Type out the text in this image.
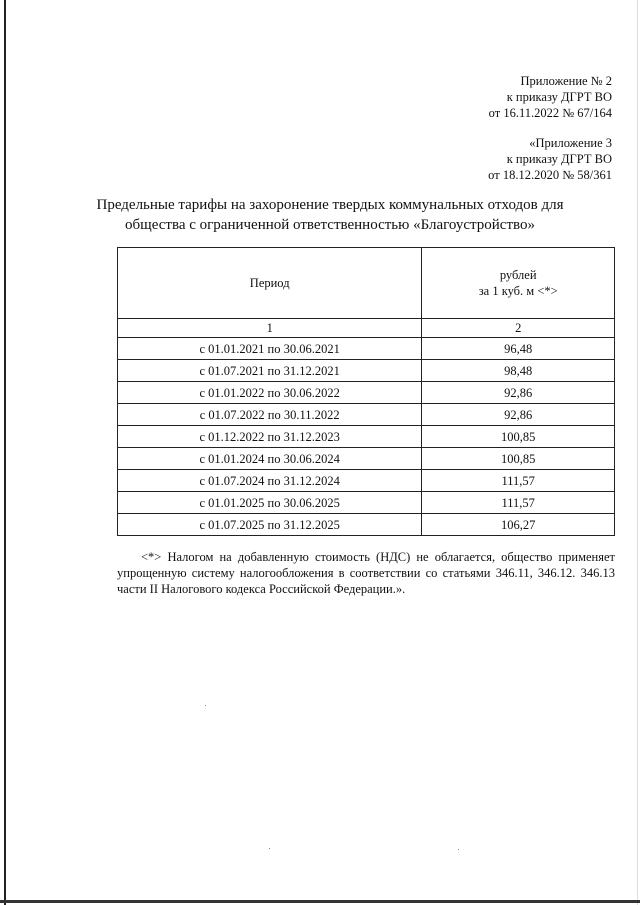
Приложение № 2
к приказу ДГРТ ВО
от 16.11.2022 № 67/164
«Приложение 3
к приказу ДГРТ ВО
от 18.12.2020 № 58/361
Предельные тарифы на захоронение твердых коммунальных отходов для
общества с ограниченной ответственностью «Благоустройство»
Период	рублей
за 1 куб. м <*>

1	2
с 01.01.2021 по 30.06.2021	96,48
с 01.07.2021 по 31.12.2021	98,48
с 01.01.2022 по 30.06.2022	92,86
с 01.07.2022 по 30.11.2022	92,86
с 01.12.2022 по 31.12.2023	100,85
с 01.01.2024 по 30.06.2024	100,85
с 01.07.2024 по 31.12.2024	111,57
с 01.01.2025 по 30.06.2025	111,57
с 01.07.2025 по 31.12.2025	106,27
<*> Налогом на добавленную стоимость (НДС) не облагается, общество применяет упрощенную систему налогообложения в соответствии со статьями 346.11, 346.12. 346.13 части II Налогового кодекса Российской Федерации.».
